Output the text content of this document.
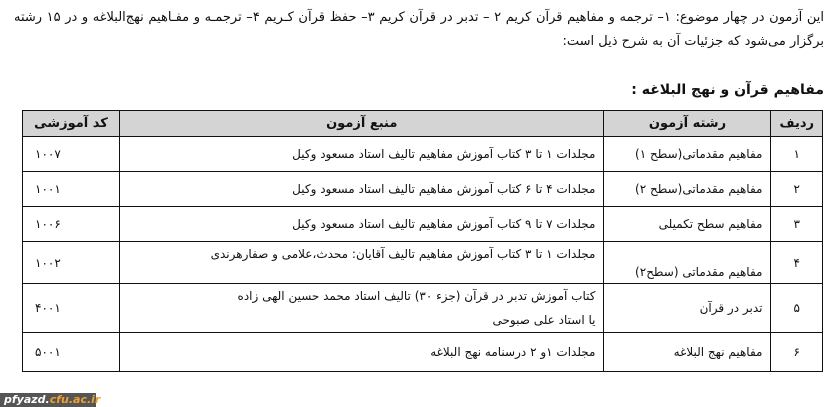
این آزمون در چهار موضوع: ۱– ترجمه و مفاهیم قرآن کریم ۲ – تدبر در قرآن کریم ۳– حفظ قرآن کـریم ۴– ترجمـه و مفـاهیم نهج‌البلاغه و در ۱۵ رشته برگزار می‌شود که جزئیات آن به شرح ذیل است:
مفاهیم قرآن و نهج البلاغه :
ردیف	رشته آزمون	منبع آزمون	کد آموزشی
۱	مفاهیم مقدماتی(سطح ۱)	مجلدات ۱ تا ۳ کتاب آموزش مفاهیم تالیف استاد مسعود وکیل	۱۰۰۷
۲	مفاهیم مقدماتی(سطح ۲)	مجلدات ۴ تا ۶ کتاب آموزش مفاهیم تالیف استاد مسعود وکیل	۱۰۰۱
۳	مفاهیم سطح تکمیلی	مجلدات ۷ تا ۹ کتاب آموزش مفاهیم تالیف استاد مسعود وکیل	۱۰۰۶
۴	مفاهیم مقدماتی (سطح۲)	مجلدات ۱ تا ۳ کتاب آموزش مفاهیم تالیف آقایان: محدث،علامی و صفارهرندی	۱۰۰۲
۵	تدبر در قرآن	کتاب آموزش تدبر در قرآن (جزء ۳۰) تالیف استاد محمد حسین الهی زاده
یا استاد علی صبوحی	۴۰۰۱
۶	مفاهیم نهج البلاغه	مجلدات ۱و ۲ درسنامه نهج البلاغه	۵۰۰۱
pfyazd.cfu.ac.ir
